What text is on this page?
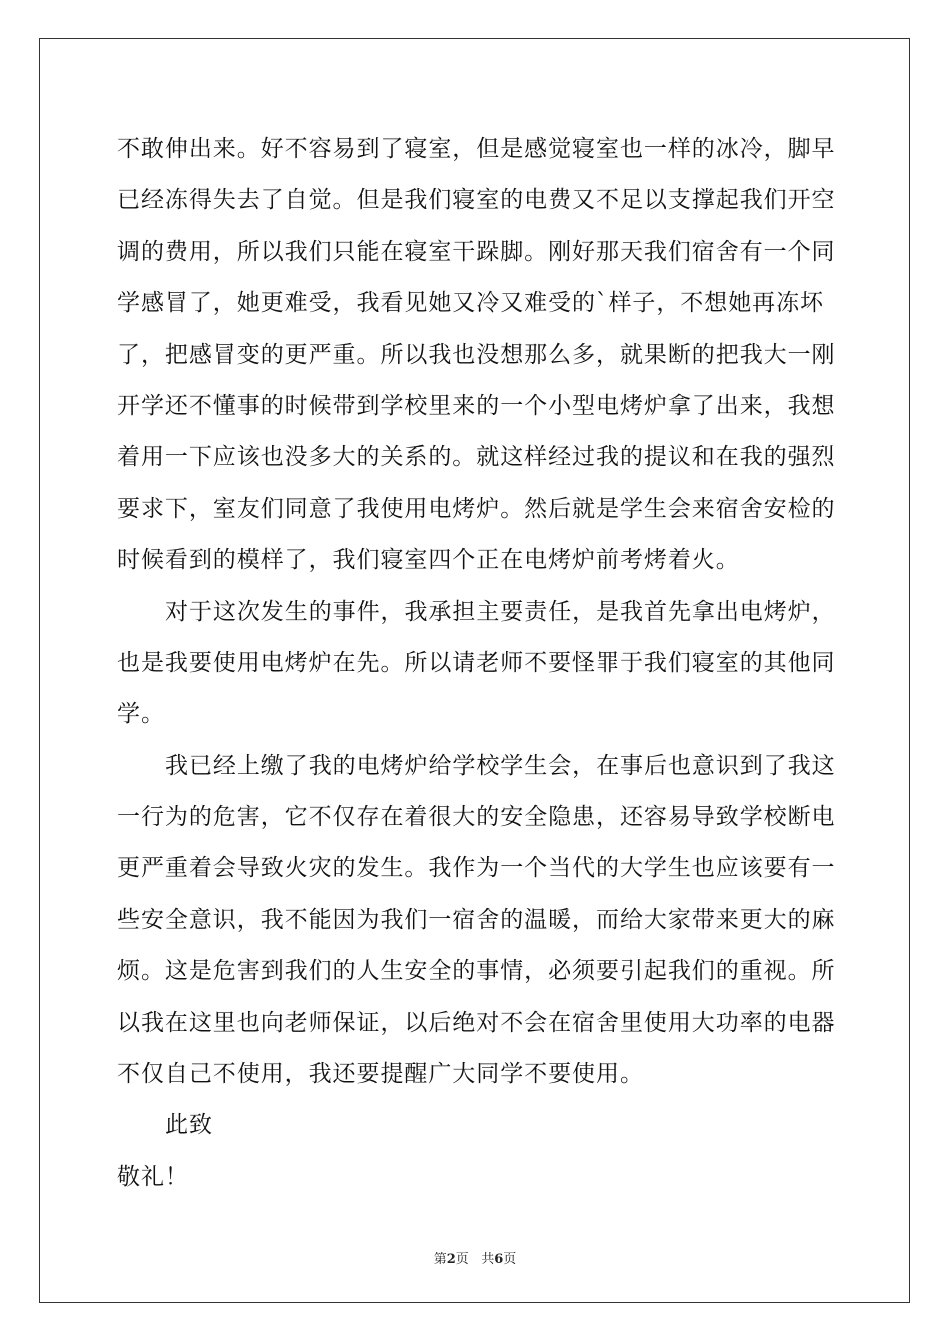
不敢伸出来。好不容易到了寝室，但是感觉寝室也一样的冰冷，脚早
已经冻得失去了自觉。但是我们寝室的电费又不足以支撑起我们开空
调的费用，所以我们只能在寝室干跺脚。刚好那天我们宿舍有一个同
学感冒了，她更难受，我看见她又冷又难受的`样子，不想她再冻坏
了，把感冒变的更严重。所以我也没想那么多，就果断的把我大一刚
开学还不懂事的时候带到学校里来的一个小型电烤炉拿了出来，我想
着用一下应该也没多大的关系的。就这样经过我的提议和在我的强烈
要求下，室友们同意了我使用电烤炉。然后就是学生会来宿舍安检的
时候看到的模样了，我们寝室四个正在电烤炉前考烤着火。
对于这次发生的事件，我承担主要责任，是我首先拿出电烤炉，
也是我要使用电烤炉在先。所以请老师不要怪罪于我们寝室的其他同
学。
我已经上缴了我的电烤炉给学校学生会，在事后也意识到了我这
一行为的危害，它不仅存在着很大的安全隐患，还容易导致学校断电
更严重着会导致火灾的发生。我作为一个当代的大学生也应该要有一
些安全意识，我不能因为我们一宿舍的温暖，而给大家带来更大的麻
烦。这是危害到我们的人生安全的事情，必须要引起我们的重视。所
以我在这里也向老师保证，以后绝对不会在宿舍里使用大功率的电器
不仅自己不使用，我还要提醒广大同学不要使用。
此致
敬礼！
第2页 共6页
